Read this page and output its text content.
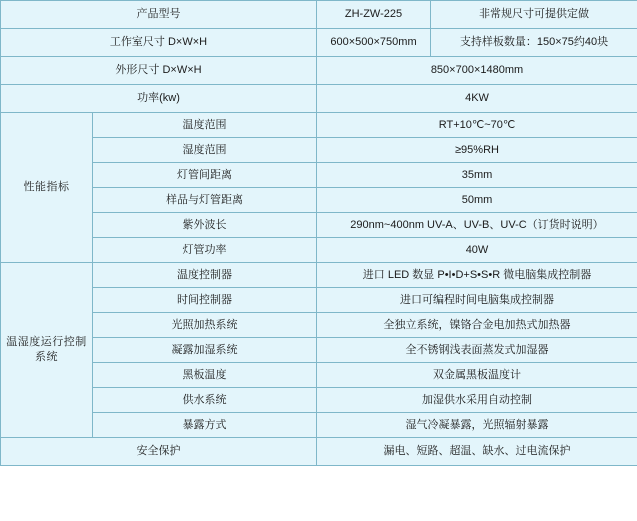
产品型号		ZH-ZW-225	非常规尺寸可提供定做
工作室尺寸 D×W×H		600×500×750mm	支持样板数量：150×75约40块
外形尺寸 D×W×H		850×700×1480mm	
功率(kw)		4KW	
性能指标	温度范围	RT+10℃~70℃	
	湿度范围	≥95%RH	
	灯管间距离	35mm	
	样品与灯管距离	50mm	
	紫外波长	290nm~400nm UV-A、UV-B、UV-C（订货时说明）	
	灯管功率	40W	
温湿度运行控制系统	温度控制器	进口 LED 数显 P•I•D+S•S•R 微电脑集成控制器	
	时间控制器	进口可编程时间电脑集成控制器	
	光照加热系统	全独立系统，镍铬合金电加热式加热器	
	凝露加湿系统	全不锈钢浅表面蒸发式加湿器	
	黑板温度	双金属黑板温度计	
	供水系统	加湿供水采用自动控制	
	暴露方式	湿气冷凝暴露，光照辐射暴露	
安全保护		漏电、短路、超温、缺水、过电流保护	
